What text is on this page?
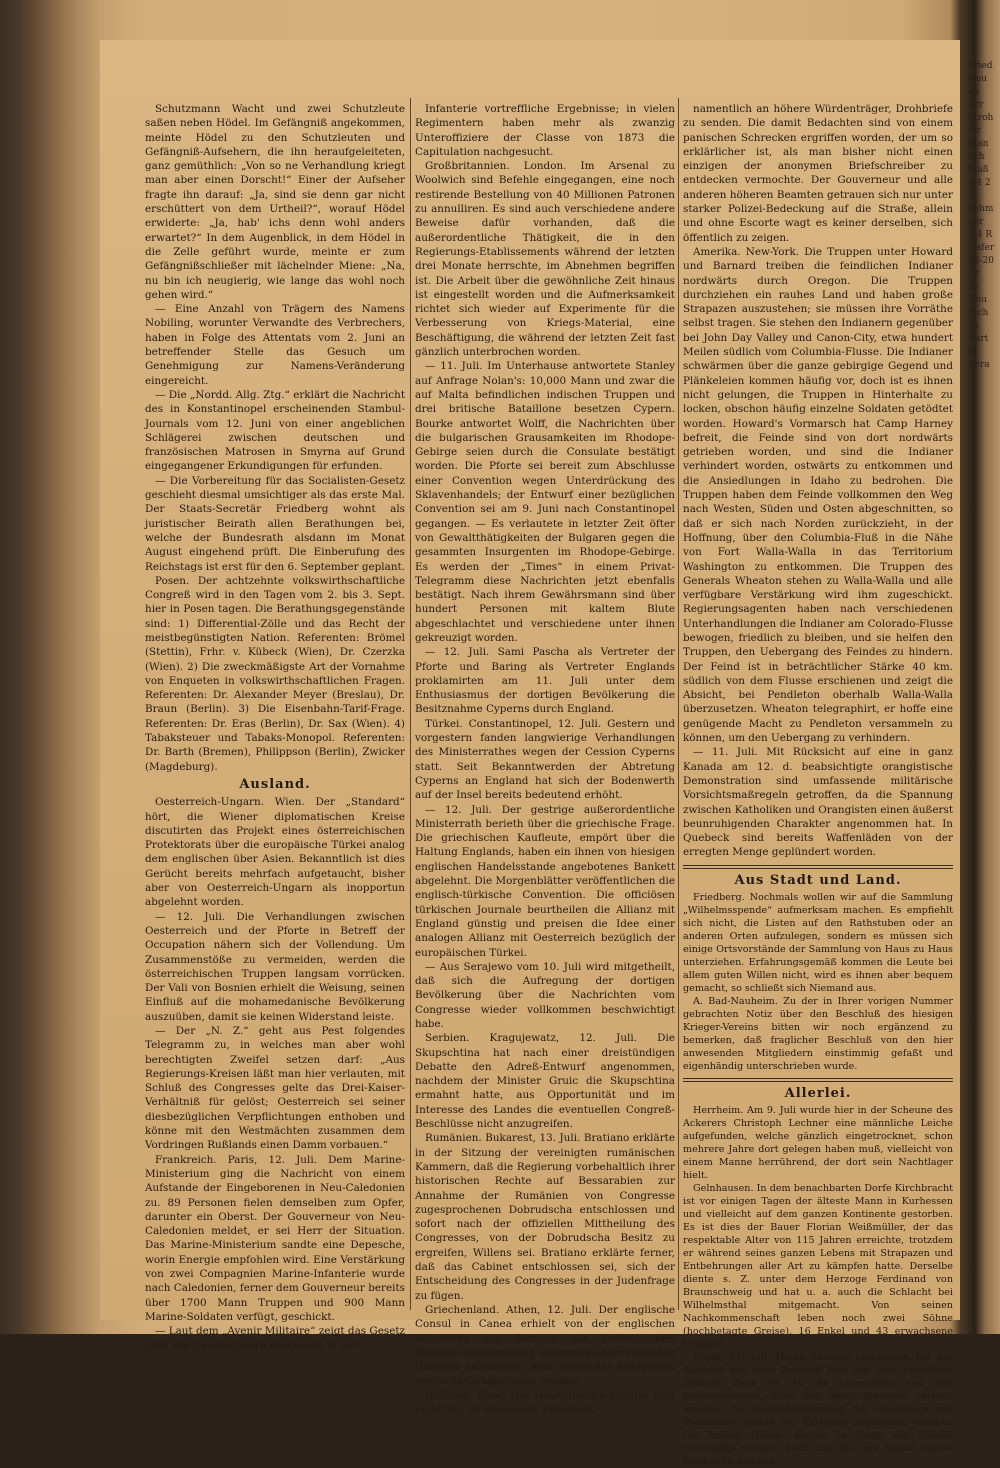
Schutzmann Wacht und zwei Schutzleute saßen neben Hödel. Im Gefängniß angekommen, meinte Hödel zu den Schutzleuten und Gefängniß-Aufsehern, die ihn heraufgeleiteten, ganz gemüthlich: „Von so ne Verhandlung kriegt man aber einen Dorscht!“ Einer der Aufseher fragte ihn darauf: „Ja, sind sie denn gar nicht erschüttert von dem Urtheil?“, worauf Hödel erwiderte: „Ja, hab' ichs denn wohl anders erwartet?“ In dem Augenblick, in dem Hödel in die Zelle geführt wurde, meinte er zum Gefängnißschließer mit lächelnder Miene: „Na, nu bin ich neugierig, wie lange das wohl noch gehen wird.“

— Eine Anzahl von Trägern des Namens Nobiling, worunter Verwandte des Verbrechers, haben in Folge des Attentats vom 2. Juni an betreffender Stelle das Gesuch um Genehmigung zur Namens-Veränderung eingereicht.

— Die „Nordd. Allg. Ztg.“ erklärt die Nachricht des in Konstantinopel erscheinenden Stambul-Journals vom 12. Juni von einer angeblichen Schlägerei zwischen deutschen und französischen Matrosen in Smyrna auf Grund eingegangener Erkundigungen für erfunden.

— Die Vorbereitung für das Socialisten-Gesetz geschieht diesmal umsichtiger als das erste Mal. Der Staats-Secretär Friedberg wohnt als juristischer Beirath allen Berathungen bei, welche der Bundesrath alsdann im Monat August eingehend prüft. Die Einberufung des Reichstags ist erst für den 6. September geplant.

Posen. Der achtzehnte volkswirthschaftliche Congreß wird in den Tagen vom 2. bis 3. Sept. hier in Posen tagen. Die Berathungsgegenstände sind: 1) Differential-Zölle und das Recht der meistbegünstigten Nation. Referenten: Brömel (Stettin), Frhr. v. Kübeck (Wien), Dr. Czerzka (Wien). 2) Die zweckmäßigste Art der Vornahme von Enqueten in volkswirthschaftlichen Fragen. Referenten: Dr. Alexander Meyer (Breslau), Dr. Braun (Berlin). 3) Die Eisenbahn-Tarif-Frage. Referenten: Dr. Eras (Berlin), Dr. Sax (Wien). 4) Tabaksteuer und Tabaks-Monopol. Referenten: Dr. Barth (Bremen), Philippson (Berlin), Zwicker (Magdeburg).

Ausland.

Oesterreich-Ungarn. Wien. Der „Standard“ hört, die Wiener diplomatischen Kreise discutirten das Projekt eines österreichischen Protektorats über die europäische Türkei analog dem englischen über Asien. Bekanntlich ist dies Gerücht bereits mehrfach aufgetaucht, bisher aber von Oesterreich-Ungarn als inopportun abgelehnt worden.

— 12. Juli. Die Verhandlungen zwischen Oesterreich und der Pforte in Betreff der Occupation nähern sich der Vollendung. Um Zusammenstöße zu vermeiden, werden die österreichischen Truppen langsam vorrücken. Der Vali von Bosnien erhielt die Weisung, seinen Einfluß auf die mohamedanische Bevölkerung auszuüben, damit sie keinen Widerstand leiste.

— Der „N. Z.“ geht aus Pest folgendes Telegramm zu, in welches man aber wohl berechtigten Zweifel setzen darf: „Aus Regierungs-Kreisen läßt man hier verlauten, mit Schluß des Congresses gelte das Drei-Kaiser-Verhältniß für gelöst; Oesterreich sei seiner diesbezüglichen Verpflichtungen enthoben und könne mit den Westmächten zusammen dem Vordringen Rußlands einen Damm vorbauen.“

Frankreich. Paris, 12. Juli. Dem Marine-Ministerium ging die Nachricht von einem Aufstande der Eingeborenen in Neu-Caledonien zu. 89 Personen fielen demselben zum Opfer, darunter ein Oberst. Der Gouverneur von Neu-Caledonien meldet, er sei Herr der Situation. Das Marine-Ministerium sandte eine Depesche, worin Energie empfohlen wird. Eine Verstärkung von zwei Compagnien Marine-Infanterie wurde nach Caledonien, ferner dem Gouverneur bereits über 1700 Mann Truppen und 900 Mann Marine-Soldaten verfügt, geschickt.

— Laut dem „Avenir Militaire“ zeigt das Gesetz über die Unteroffiziere besonders in der

Infanterie vortreffliche Ergebnisse; in vielen Regimentern haben mehr als zwanzig Unteroffiziere der Classe von 1873 die Capitulation nachgesucht.

Großbritannien. London. Im Arsenal zu Woolwich sind Befehle eingegangen, eine noch restirende Bestellung von 40 Millionen Patronen zu annulliren. Es sind auch verschiedene andere Beweise dafür vorhanden, daß die außerordentliche Thätigkeit, die in den Regierungs-Etablissements während der letzten drei Monate herrschte, im Abnehmen begriffen ist. Die Arbeit über die gewöhnliche Zeit hinaus ist eingestellt worden und die Aufmerksamkeit richtet sich wieder auf Experimente für die Verbesserung von Kriegs-Material, eine Beschäftigung, die während der letzten Zeit fast gänzlich unterbrochen worden.

— 11. Juli. Im Unterhause antwortete Stanley auf Anfrage Nolan's: 10,000 Mann und zwar die auf Malta befindlichen indischen Truppen und drei britische Bataillone besetzen Cypern. Bourke antwortet Wolff, die Nachrichten über die bulgarischen Grausamkeiten im Rhodope-Gebirge seien durch die Consulate bestätigt worden. Die Pforte sei bereit zum Abschlusse einer Convention wegen Unterdrückung des Sklavenhandels; der Entwurf einer bezüglichen Convention sei am 9. Juni nach Constantinopel gegangen. — Es verlautete in letzter Zeit öfter von Gewaltthätigkeiten der Bulgaren gegen die gesammten Insurgenten im Rhodope-Gebirge. Es werden der „Times“ in einem Privat-Telegramm diese Nachrichten jetzt ebenfalls bestätigt. Nach ihrem Gewährsmann sind über hundert Personen mit kaltem Blute abgeschlachtet und verschiedene unter ihnen gekreuzigt worden.

— 12. Juli. Sami Pascha als Vertreter der Pforte und Baring als Vertreter Englands proklamirten am 11. Juli unter dem Enthusiasmus der dortigen Bevölkerung die Besitznahme Cyperns durch England.

Türkei. Constantinopel, 12. Juli. Gestern und vorgestern fanden langwierige Verhandlungen des Ministerrathes wegen der Cession Cyperns statt. Seit Bekanntwerden der Abtretung Cyperns an England hat sich der Bodenwerth auf der Insel bereits bedeutend erhöht.

— 12. Juli. Der gestrige außerordentliche Ministerrath berieth über die griechische Frage. Die griechischen Kaufleute, empört über die Haltung Englands, haben ein ihnen von hiesigen englischen Handelsstande angebotenes Bankett abgelehnt. Die Morgenblätter veröffentlichen die englisch-türkische Convention. Die officiösen türkischen Journale beurtheilen die Allianz mit England günstig und preisen die Idee einer analogen Allianz mit Oesterreich bezüglich der europäischen Türkei.

— Aus Serajewo vom 10. Juli wird mitgetheilt, daß sich die Aufregung der dortigen Bevölkerung über die Nachrichten vom Congresse wieder vollkommen beschwichtigt habe.

Serbien. Kragujewatz, 12. Juli. Die Skupschtina hat nach einer dreistündigen Debatte den Adreß-Entwurf angenommen, nachdem der Minister Gruic die Skupschtina ermahnt hatte, aus Opportunität und im Interesse des Landes die eventuellen Congreß-Beschlüsse nicht anzugreifen.

Rumänien. Bukarest, 13. Juli. Bratiano erklärte in der Sitzung der vereinigten rumänischen Kammern, daß die Regierung vorbehaltlich ihrer historischen Rechte auf Bessarabien zur Annahme der Rumänien von Congresse zugesprochenen Dobrudscha entschlossen und sofort nach der offiziellen Mittheilung des Congresses, von der Dobrudscha Besitz zu ergreifen, Willens sei. Bratiano erklärte ferner, daß das Cabinet entschlossen sei, sich der Entscheidung des Congresses in der Judenfrage zu fügen.

Griechenland. Athen, 12. Juli. Der englische Consul in Canea erhielt von der englischen Regierung den Auftrag, der kretensischen National-Versammlung Reformen unter Englands Garantie anzubieten; man glaubt das Anerbieten werde zurückgewiesen werden.

Rußland. Kiew. Das revolutionäre Comite hört nicht auf, an zahlreiche Personen,

namentlich an höhere Würdenträger, Drohbriefe zu senden. Die damit Bedachten sind von einem panischen Schrecken ergriffen worden, der um so erklärlicher ist, als man bisher nicht einen einzigen der anonymen Briefschreiber zu entdecken vermochte. Der Gouverneur und alle anderen höheren Beamten getrauen sich nur unter starker Polizei-Bedeckung auf die Straße, allein und ohne Escorte wagt es keiner derselben, sich öffentlich zu zeigen.

Amerika. New-York. Die Truppen unter Howard und Barnard treiben die feindlichen Indianer nordwärts durch Oregon. Die Truppen durchziehen ein rauhes Land und haben große Strapazen auszustehen; sie müssen ihre Vorräthe selbst tragen. Sie stehen den Indianern gegenüber bei John Day Valley und Canon-City, etwa hundert Meilen südlich vom Columbia-Flusse. Die Indianer schwärmen über die ganze gebirgige Gegend und Plänkeleien kommen häufig vor, doch ist es ihnen nicht gelungen, die Truppen in Hinterhalte zu locken, obschon häufig einzelne Soldaten getödtet worden. Howard's Vormarsch hat Camp Harney befreit, die Feinde sind von dort nordwärts getrieben worden, und sind die Indianer verhindert worden, ostwärts zu entkommen und die Ansiedlungen in Idaho zu bedrohen. Die Truppen haben dem Feinde vollkommen den Weg nach Westen, Süden und Osten abgeschnitten, so daß er sich nach Norden zurückzieht, in der Hoffnung, über den Columbia-Fluß in die Nähe von Fort Walla-Walla in das Territorium Washington zu entkommen. Die Truppen des Generals Wheaton stehen zu Walla-Walla und alle verfügbare Verstärkung wird ihm zugeschickt. Regierungsagenten haben nach verschiedenen Unterhandlungen die Indianer am Colorado-Flusse bewogen, friedlich zu bleiben, und sie helfen den Truppen, den Uebergang des Feindes zu hindern. Der Feind ist in beträchtlicher Stärke 40 km. südlich von dem Flusse erschienen und zeigt die Absicht, bei Pendleton oberhalb Walla-Walla überzusetzen. Wheaton telegraphirt, er hoffe eine genügende Macht zu Pendleton versammeln zu können, um den Uebergang zu verhindern.

— 11. Juli. Mit Rücksicht auf eine in ganz Kanada am 12. d. beabsichtigte orangistische Demonstration sind umfassende militärische Vorsichtsmaßregeln getroffen, da die Spannung zwischen Katholiken und Orangisten einen äußerst beunruhigenden Charakter angenommen hat. In Quebeck sind bereits Waffenläden von der erregten Menge geplündert worden.

Aus Stadt und Land.

Friedberg. Nochmals wollen wir auf die Sammlung „Wilhelmsspende“ aufmerksam machen. Es empfiehlt sich nicht, die Listen auf den Rathstuben oder an anderen Orten aufzulegen, sondern es müssen sich einige Ortsvorstände der Sammlung von Haus zu Haus unterziehen. Erfahrungsgemäß kommen die Leute bei allem guten Willen nicht, wird es ihnen aber bequem gemacht, so schließt sich Niemand aus.

A. Bad-Nauheim. Zu der in Ihrer vorigen Nummer gebrachten Notiz über den Beschluß des hiesigen Krieger-Vereins bitten wir noch ergänzend zu bemerken, daß fraglicher Beschluß von den hier anwesenden Mitgliedern einstimmig gefaßt und eigenhändig unterschrieben wurde.

Allerlei.

Herrheim. Am 9. Juli wurde hier in der Scheune des Ackerers Christoph Lechner eine männliche Leiche aufgefunden, welche gänzlich eingetrocknet, schon mehrere Jahre dort gelegen haben muß, vielleicht von einem Manne herrührend, der dort sein Nachtlager hielt.

Gelnhausen. In dem benachbarten Dorfe Kirchbracht ist vor einigen Tagen der älteste Mann in Kurhessen und vielleicht auf dem ganzen Kontinente gestorben. Es ist dies der Bauer Florian Weißmüller, der das respektable Alter von 115 Jahren erreichte, trotzdem er während seines ganzen Lebens mit Strapazen und Entbehrungen aller Art zu kämpfen hatte. Derselbe diente s. Z. unter dem Herzoge Ferdinand von Braunschweig und hat u. a. auch die Schlacht bei Wilhelmsthal mitgemacht. Von seinen Nachkommenschaft leben noch zwei Söhne (hochbetagte Greise), 16 Enkel und 43 erwachsene Urenkel.

Fulda, 11. Juli. Heute Morgen entgleisten bei der Ausfahrt aus dem Bahnhof Elm von dem Frankfurt-Bebraer Zuge Nr. 10 die Locomotive und drei Personenwagen, ohne daß dabei Personen verletzt wurden. Die Weiterbeförderung der Passagiere und Postsachen wurde ein Extrazug abgelassen werden. Die beiden Gleise, welche in Folge des Unfalls beschädigt wurden, hofft man bis zum Abend wieder fahrbar zu machen.

Fried
Heu
an
ger
Stroh
fer
Man
lich
Maß
a 4 2
z
nehm
per
3-4 R
Hafer
18-20
Gr
zu
Neu
Eich
zu
Kurt
M
Bera
